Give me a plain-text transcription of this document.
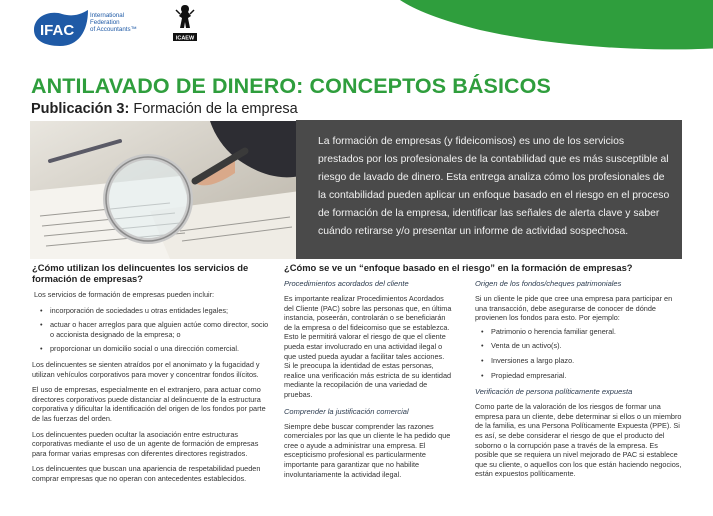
IFAC
International
Federation
of Accountants™
ICAEW
ANTILAVADO DE DINERO: CONCEPTOS BÁSICOS
Publicación 3: Formación de la empresa
La formación de empresas (y fideicomisos) es uno de los servicios prestados por los profesionales de la contabilidad que es más susceptible al riesgo de lavado de dinero. Esta entrega analiza cómo los profesionales de la contabilidad pueden aplicar un enfoque basado en el riesgo en el proceso de formación de la empresa, identificar las señales de alerta clave y saber cuándo retirarse y/o presentar un informe de actividad sospechosa.
¿Cómo utilizan los delincuentes los servicios de formación de empresas?
Los servicios de formación de empresas pueden incluir:
• incorporación de sociedades u otras entidades legales;
• actuar o hacer arreglos para que alguien actúe como director, socio o accionista designado de la empresa; o
• proporcionar un domicilio social o una dirección comercial.
Los delincuentes se sienten atraídos por el anonimato y la fugacidad y utilizan vehículos corporativos para mover y concentrar fondos ilícitos.
El uso de empresas, especialmente en el extranjero, para actuar como directores corporativos puede distanciar al delincuente de la estructura corporativa y dificultar la identificación del origen de los fondos por parte de las fuerzas del orden.
Los delincuentes pueden ocultar la asociación entre estructuras corporativas mediante el uso de un agente de formación de empresas para formar varias empresas con diferentes directores registrados.
Los delincuentes que buscan una apariencia de respetabilidad pueden comprar empresas que no operan con antecedentes establecidos.
¿Cómo se ve un “enfoque basado en el riesgo” en la formación de empresas?
Procedimientos acordados del cliente
Es importante realizar Procedimientos Acordados del Cliente (PAC) sobre las personas que, en última instancia, poseerán, controlarán o se beneficiarán de la empresa o del fideicomiso que se establezca. Esto le permitirá valorar el riesgo de que el cliente pueda estar involucrado en una actividad ilegal o que usted pueda ayudar a facilitar tales acciones. Si le preocupa la identidad de estas personas, realice una verificación más estricta de su identidad mediante la recopilación de una variedad de pruebas.
Comprender la justificación comercial
Siempre debe buscar comprender las razones comerciales por las que un cliente le ha pedido que cree o ayude a administrar una empresa. El escepticismo profesional es particularmente importante para garantizar que no habilite involuntariamente la actividad ilegal.
Origen de los fondos/cheques patrimoniales
Si un cliente le pide que cree una empresa para participar en una transacción, debe asegurarse de conocer de dónde provienen los fondos para esto. Por ejemplo:
• Patrimonio o herencia familiar general.
• Venta de un activo(s).
• Inversiones a largo plazo.
• Propiedad empresarial.
Verificación de persona políticamente expuesta
Como parte de la valoración de los riesgos de formar una empresa para un cliente, debe determinar si ellos o un miembro de la familia, es una Persona Políticamente Expuesta (PPE). Si es así, se debe considerar el riesgo de que el producto del soborno o la corrupción pase a través de la empresa. Es posible que se requiera un nivel mejorado de PAC si establece que su cliente, o aquellos con los que están haciendo negocios, están expuestos políticamente.
